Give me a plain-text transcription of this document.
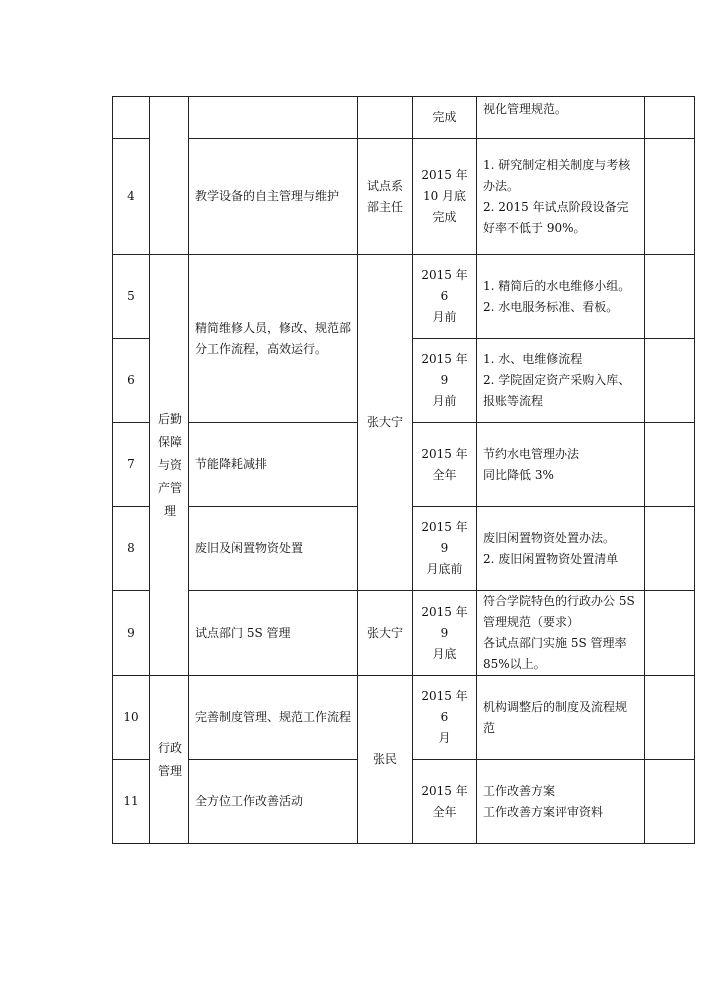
				完成	视化管理规范。	

4		教学设备的自主管理与维护	试点系部主任	2015 年
10 月底
完成	1. 研究制定相关制度与考核办法。
2. 2015 年试点阶段设备完好率不低于 90%。	

5	后勤保障与资产管理	精简维修人员，修改、规范部分工作流程，高效运行。	张大宁	2015 年 6
月前	1. 精简后的水电维修小组。
2. 水电服务标准、看板。	

6				2015 年 9
月前	1. 水、电维修流程
2. 学院固定资产采购入库、报账等流程	

7		节能降耗减排		2015 年
全年	节约水电管理办法
同比降低 3%	

8		废旧及闲置物资处置		2015 年 9
月底前	废旧闲置物资处置办法。
2. 废旧闲置物资处置清单	

9		试点部门 5S 管理	张大宁	2015 年 9
月底	符合学院特色的行政办公 5S 管理规范（要求）
各试点部门实施 5S 管理率 85%以上。	

10	行政管理	完善制度管理、规范工作流程	张民	2015 年 6
月	机构调整后的制度及流程规范	

11		全方位工作改善活动		2015 年
全年	工作改善方案
工作改善方案评审资料	
